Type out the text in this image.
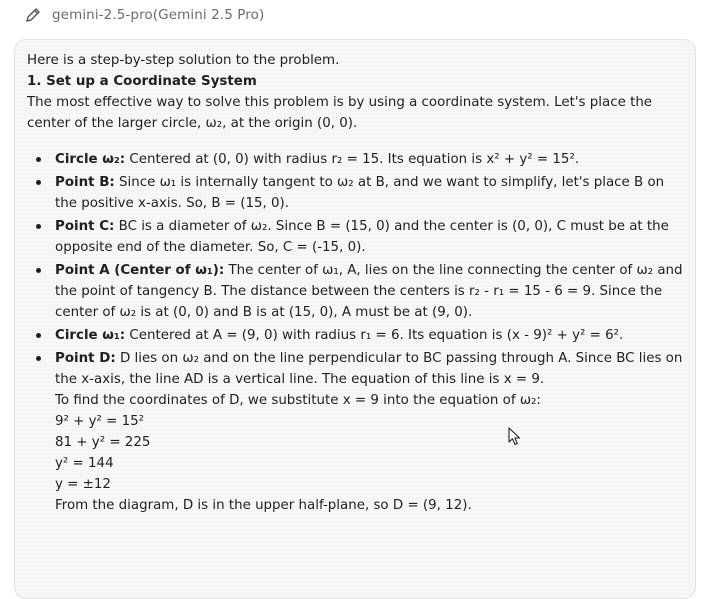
gemini-2.5-pro(Gemini 2.5 Pro)

Here is a step-by-step solution to the problem.

1. Set up a Coordinate System

The most effective way to solve this problem is by using a coordinate system. Let's place the center of the larger circle, ω₂, at the origin (0, 0).

Circle ω₂: Centered at (0, 0) with radius r₂ = 15. Its equation is x² + y² = 15².
Point B: Since ω₁ is internally tangent to ω₂ at B, and we want to simplify, let's place B on the positive x-axis. So, B = (15, 0).
Point C: BC is a diameter of ω₂. Since B = (15, 0) and the center is (0, 0), C must be at the opposite end of the diameter. So, C = (-15, 0).
Point A (Center of ω₁): The center of ω₁, A, lies on the line connecting the center of ω₂ and the point of tangency B. The distance between the centers is r₂ - r₁ = 15 - 6 = 9. Since the center of ω₂ is at (0, 0) and B is at (15, 0), A must be at (9, 0).
Circle ω₁: Centered at A = (9, 0) with radius r₁ = 6. Its equation is (x - 9)² + y² = 6².
Point D: D lies on ω₂ and on the line perpendicular to BC passing through A. Since BC lies on the x-axis, the line AD is a vertical line. The equation of this line is x = 9.
To find the coordinates of D, we substitute x = 9 into the equation of ω₂:
9² + y² = 15²
81 + y² = 225
y² = 144
y = ±12
From the diagram, D is in the upper half-plane, so D = (9, 12).
